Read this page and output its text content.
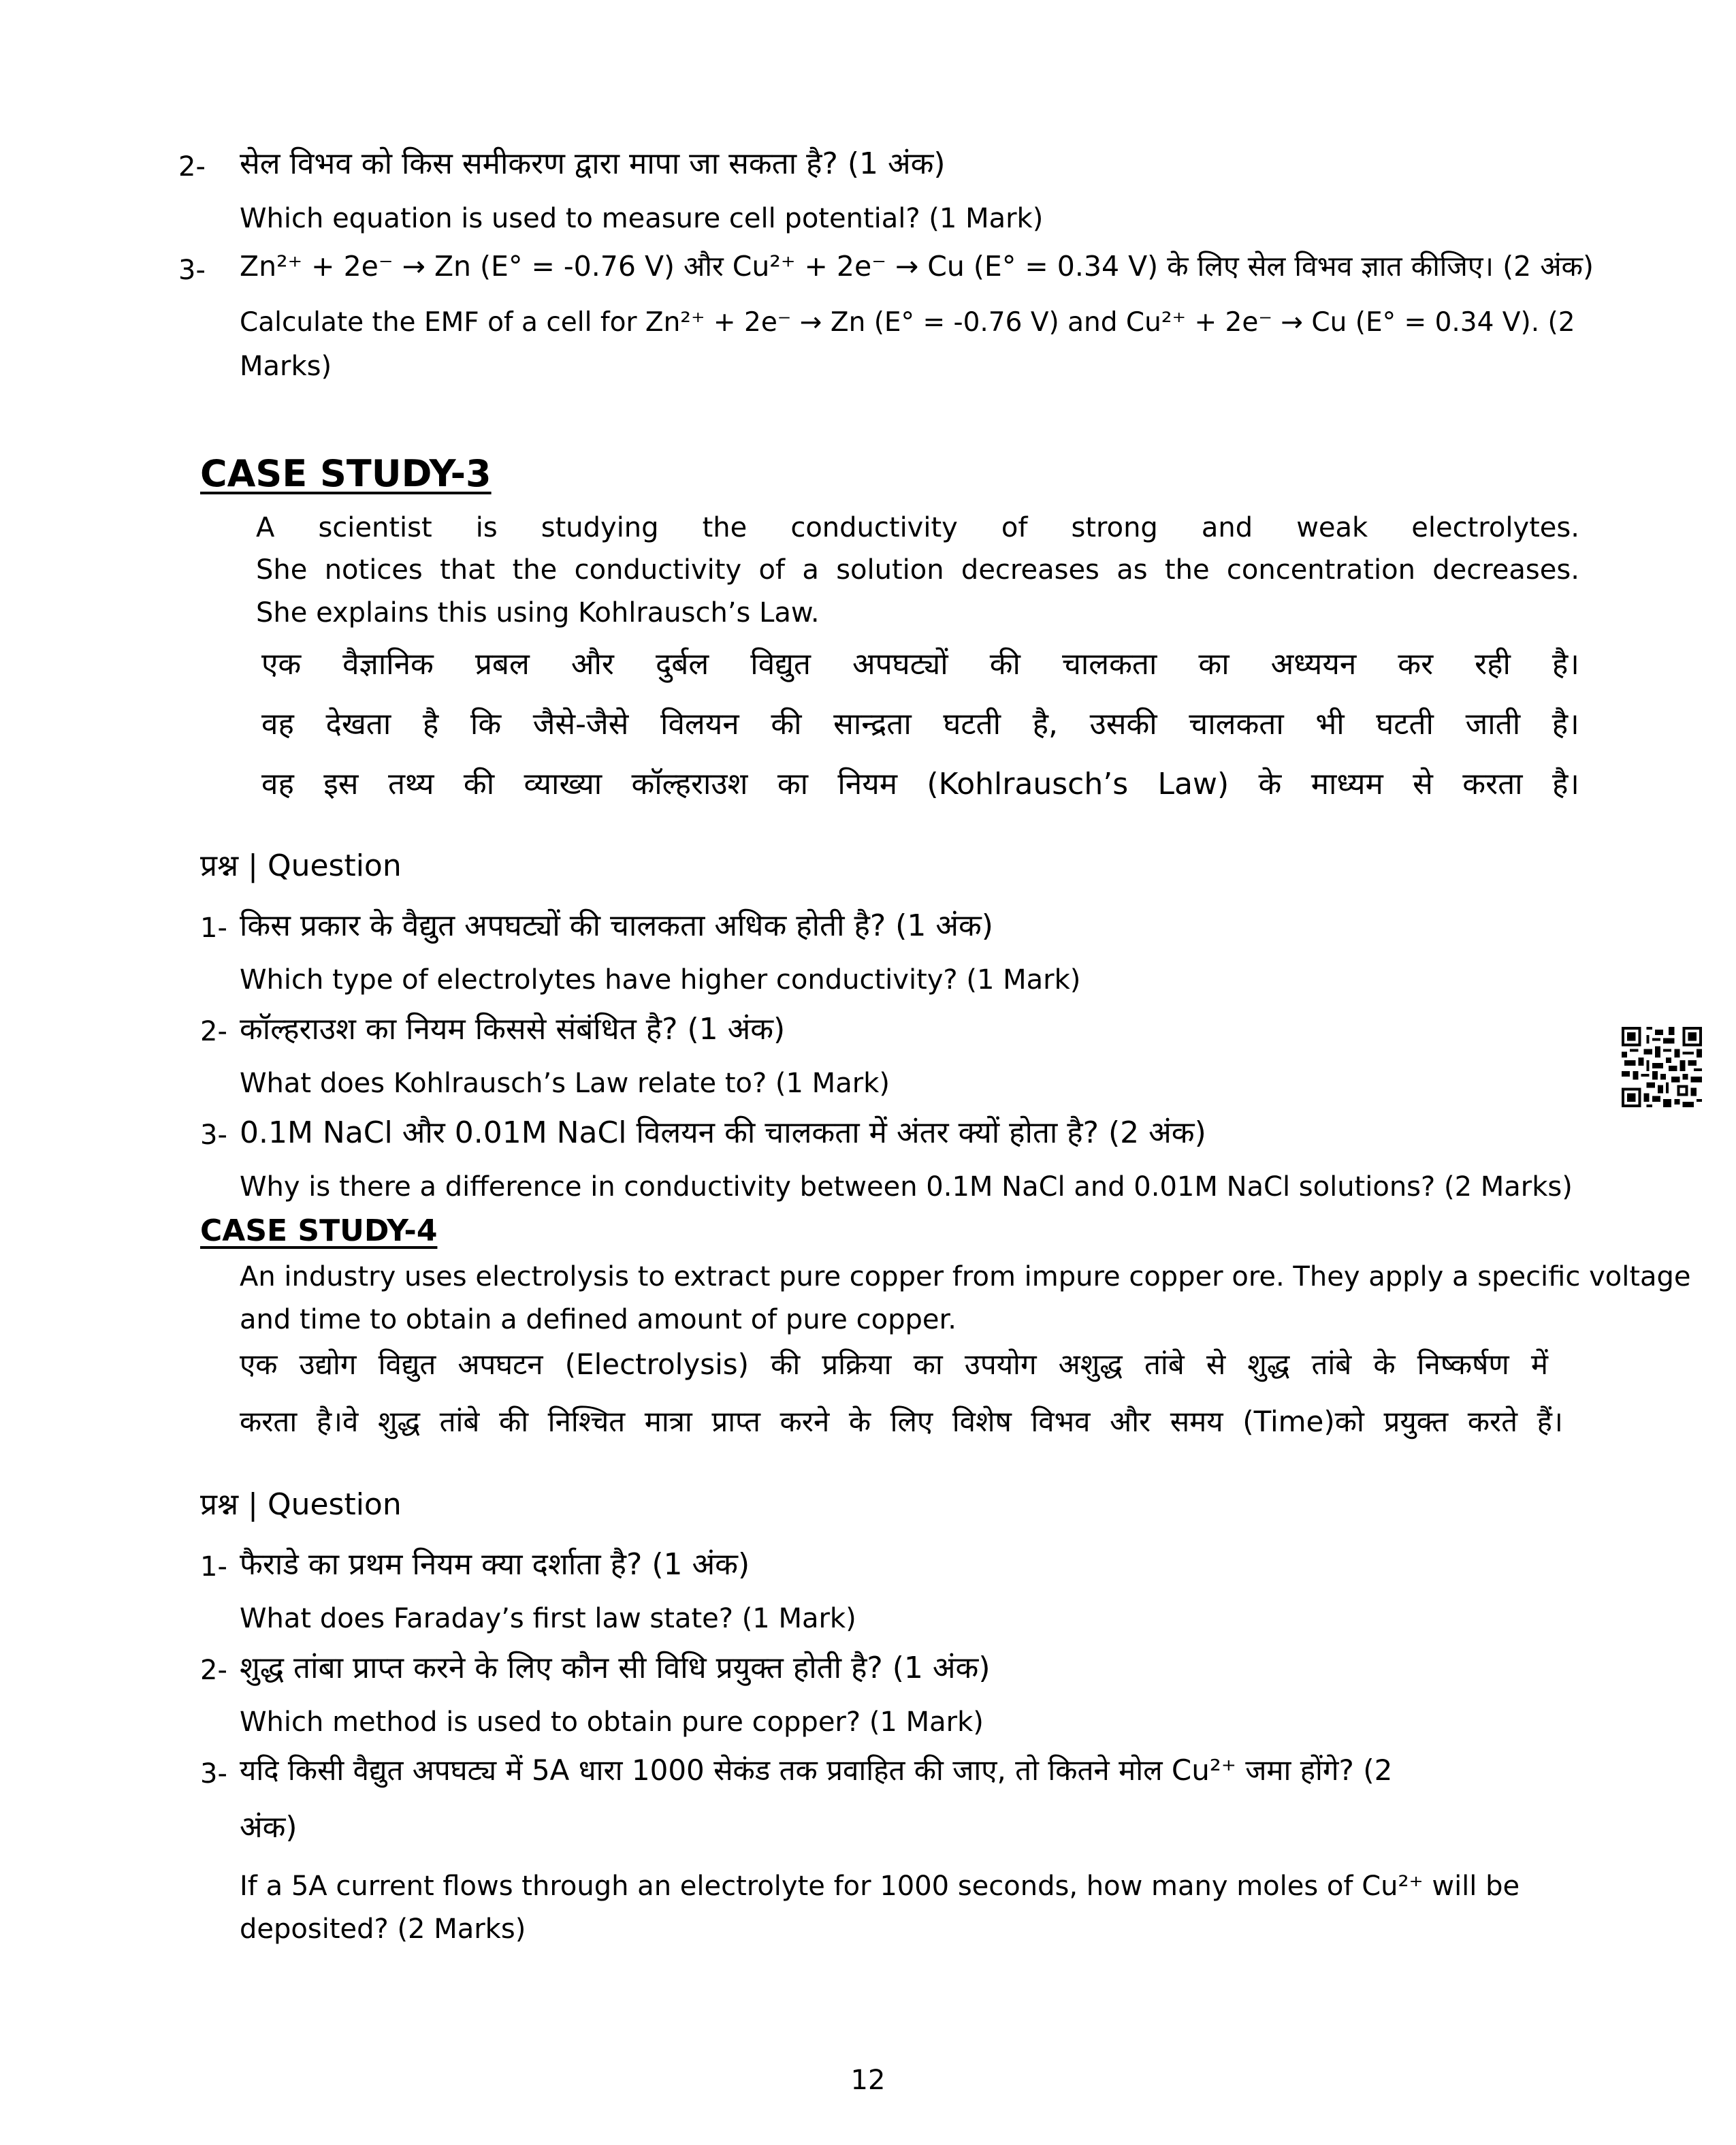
2- सेल विभव को किस समीकरण द्वारा मापा जा सकता है? (1 अंक)
Which equation is used to measure cell potential? (1 Mark)
3- Zn²⁺ + 2e⁻ → Zn (E° = -0.76 V) और Cu²⁺ + 2e⁻ → Cu (E° = 0.34 V) के लिए सेल विभव ज्ञात कीजिए। (2 अंक)
Calculate the EMF of a cell for Zn²⁺ + 2e⁻ → Zn (E° = -0.76 V) and Cu²⁺ + 2e⁻ → Cu (E° = 0.34 V). (2
Marks)
CASE STUDY-3
A scientist is studying the conductivity of strong and weak electrolytes.
She notices that the conductivity of a solution decreases as the concentration decreases.
She explains this using Kohlrausch’s Law.
एक वैज्ञानिक प्रबल और दुर्बल विद्युत अपघट्यों की चालकता का अध्ययन कर रही है।
वह देखता है कि जैसे-जैसे विलयन की सान्द्रता घटती है, उसकी चालकता भी घटती जाती है।
वह इस तथ्य की व्याख्या कॉल्हराउश का नियम (Kohlrausch’s Law) के माध्यम से करता है।
प्रश्न | Question
1- किस प्रकार के वैद्युत अपघट्यों की चालकता अधिक होती है? (1 अंक)
Which type of electrolytes have higher conductivity? (1 Mark)
2- कॉल्हराउश का नियम किससे संबंधित है? (1 अंक)
What does Kohlrausch’s Law relate to? (1 Mark)
3- 0.1M NaCl और 0.01M NaCl विलयन की चालकता में अंतर क्यों होता है? (2 अंक)
Why is there a difference in conductivity between 0.1M NaCl and 0.01M NaCl solutions? (2 Marks)
CASE STUDY-4
An industry uses electrolysis to extract pure copper from impure copper ore. They apply a specific voltage
and time to obtain a defined amount of pure copper.
एक उद्योग विद्युत अपघटन (Electrolysis) की प्रक्रिया का उपयोग अशुद्ध तांबे से शुद्ध तांबे के निष्कर्षण में
करता है।वे शुद्ध तांबे की निश्चित मात्रा प्राप्त करने के लिए विशेष विभव और समय (Time)को प्रयुक्त करते हैं।
प्रश्न | Question
1- फैराडे का प्रथम नियम क्या दर्शाता है? (1 अंक)
What does Faraday’s first law state? (1 Mark)
2- शुद्ध तांबा प्राप्त करने के लिए कौन सी विधि प्रयुक्त होती है? (1 अंक)
Which method is used to obtain pure copper? (1 Mark)
3- यदि किसी वैद्युत अपघट्य में 5A धारा 1000 सेकंड तक प्रवाहित की जाए, तो कितने मोल Cu²⁺ जमा होंगे? (2
अंक)
If a 5A current flows through an electrolyte for 1000 seconds, how many moles of Cu²⁺ will be
deposited? (2 Marks)
12
